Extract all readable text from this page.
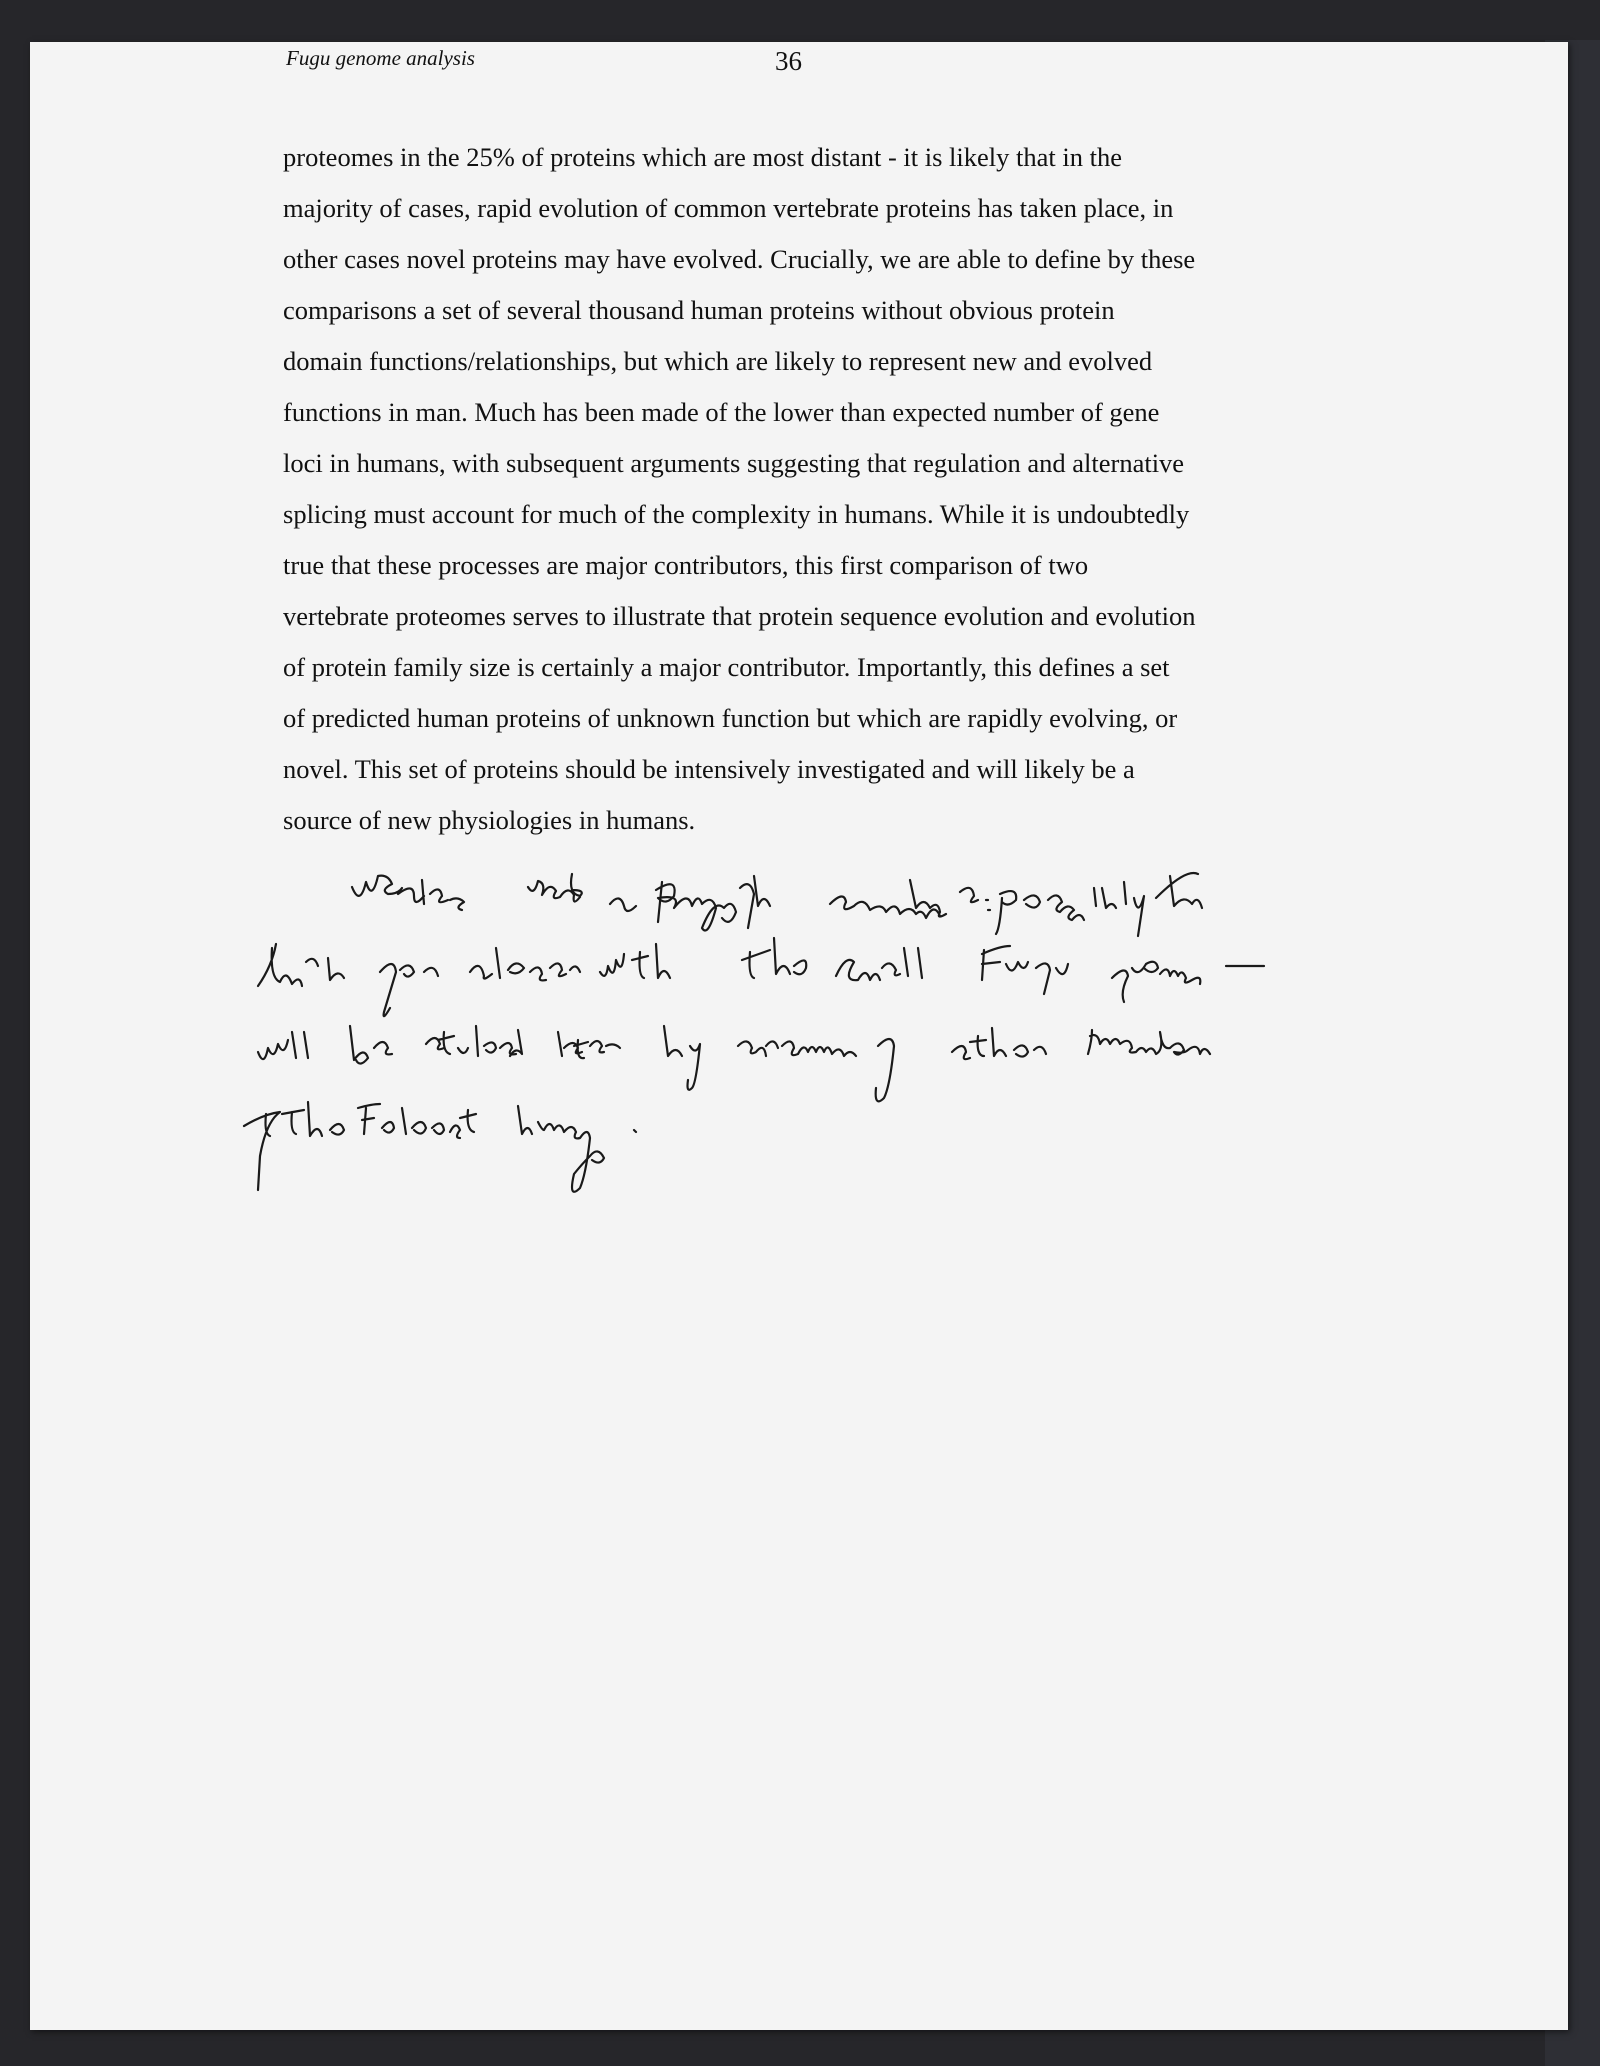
Fugu genome analysis	36

proteomes in the 25% of proteins which are most distant - it is likely that in the
majority of cases, rapid evolution of common vertebrate proteins has taken place, in
other cases novel proteins may have evolved. Crucially, we are able to define by these
comparisons a set of several thousand human proteins without obvious protein
domain functions/relationships, but which are likely to represent new and evolved
functions in man. Much has been made of the lower than expected number of gene
loci in humans, with subsequent arguments suggesting that regulation and alternative
splicing must account for much of the complexity in humans. While it is undoubtedly
true that these processes are major contributors, this first comparison of two
vertebrate proteomes serves to illustrate that protein sequence evolution and evolution
of protein family size is certainly a major contributor. Importantly, this defines a set
of predicted human proteins of unknown function but which are rapidly evolving, or
novel. This set of proteins should be intensively investigated and will likely be a
source of new physiologies in humans.
